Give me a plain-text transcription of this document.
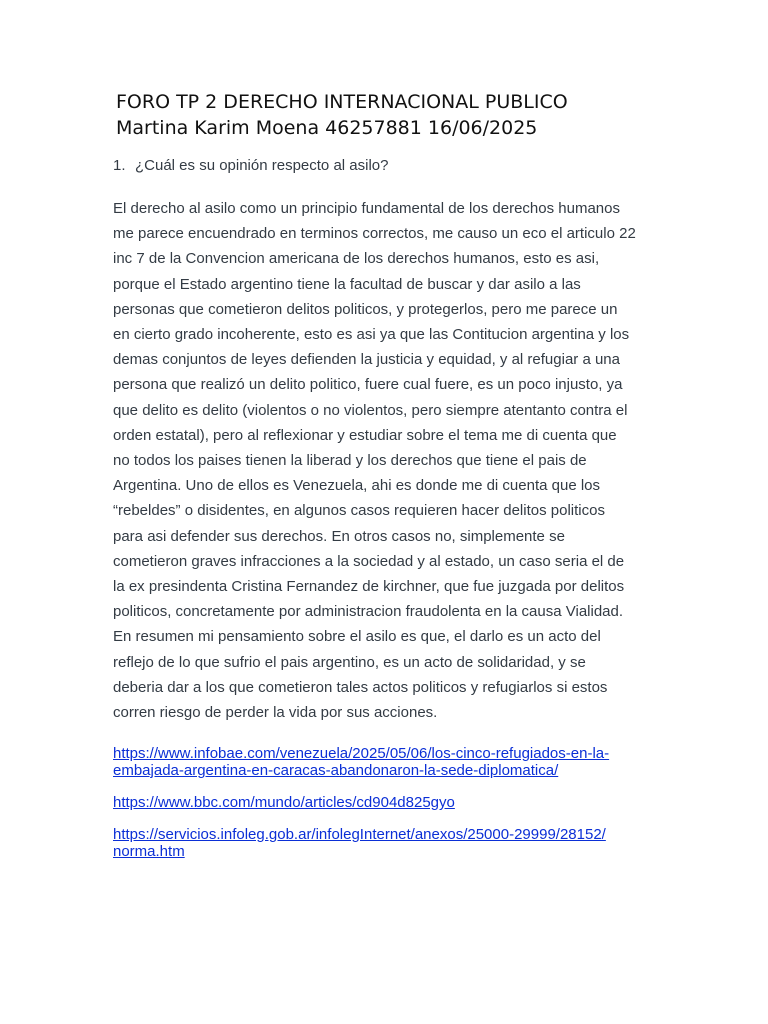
FORO TP 2 DERECHO INTERNACIONAL PUBLICO
Martina Karim Moena 46257881 16/06/2025
1. ¿Cuál es su opinión respecto al asilo?
El derecho al asilo como un principio fundamental de los derechos humanos
me parece encuendrado en terminos correctos, me causo un eco el articulo 22
inc 7 de la Convencion americana de los derechos humanos, esto es asi,
porque el Estado argentino tiene la facultad de buscar y dar asilo a las
personas que cometieron delitos politicos, y protegerlos, pero me parece un
en cierto grado incoherente, esto es asi ya que las Contitucion argentina y los
demas conjuntos de leyes defienden la justicia y equidad, y al refugiar a una
persona que realizó un delito politico, fuere cual fuere, es un poco injusto, ya
que delito es delito (violentos o no violentos, pero siempre atentanto contra el
orden estatal), pero al reflexionar y estudiar sobre el tema me di cuenta que
no todos los paises tienen la liberad y los derechos que tiene el pais de
Argentina. Uno de ellos es Venezuela, ahi es donde me di cuenta que los
“rebeldes” o disidentes, en algunos casos requieren hacer delitos politicos
para asi defender sus derechos. En otros casos no, simplemente se
cometieron graves infracciones a la sociedad y al estado, un caso seria el de
la ex presindenta Cristina Fernandez de kirchner, que fue juzgada por delitos
politicos, concretamente por administracion fraudolenta en la causa Vialidad.
En resumen mi pensamiento sobre el asilo es que, el darlo es un acto del
reflejo de lo que sufrio el pais argentino, es un acto de solidaridad, y se
deberia dar a los que cometieron tales actos politicos y refugiarlos si estos
corren riesgo de perder la vida por sus acciones.
https://www.infobae.com/venezuela/2025/05/06/los-cinco-refugiados-en-la-
embajada-argentina-en-caracas-abandonaron-la-sede-diplomatica/
https://www.bbc.com/mundo/articles/cd904d825gyo
https://servicios.infoleg.gob.ar/infolegInternet/anexos/25000-29999/28152/
norma.htm
